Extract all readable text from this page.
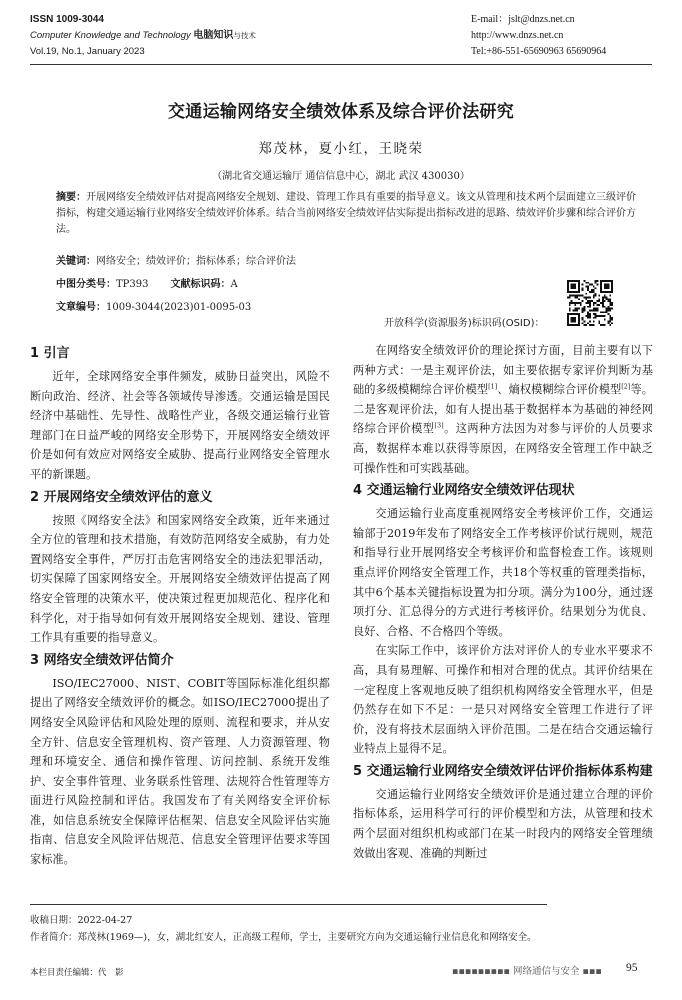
ISSN 1009-3044
Computer Knowledge and Technology 电脑知识与技术
Vol.19, No.1, January 2023
E-mail：jslt@dnzs.net.cn
http://www.dnzs.net.cn
Tel:+86-551-65690963 65690964
交通运输网络安全绩效体系及综合评价法研究
郑茂林，夏小红，王晓荣
（湖北省交通运输厅 通信信息中心，湖北 武汉 430030）
摘要：开展网络安全绩效评估对提高网络安全规划、建设、管理工作具有重要的指导意义。该文从管理和技术两个层面建立三级评价指标，构建交通运输行业网络安全绩效评价体系。结合当前网络安全绩效评估实际提出指标改进的思路、绩效评价步骤和综合评价方法。
关键词：网络安全；绩效评价；指标体系；综合评价法
中图分类号：TP393 文献标识码：A
文章编号：1009-3044(2023)01-0095-03
开放科学(资源服务)标识码(OSID)：
1 引言

近年，全球网络安全事件频发，威胁日益突出，风险不断向政治、经济、社会等各领域传导渗透。交通运输是国民经济中基础性、先导性、战略性产业，各级交通运输行业管理部门在日益严峻的网络安全形势下，开展网络安全绩效评价是如何有效应对网络安全威胁、提高行业网络安全管理水平的新课题。

2 开展网络安全绩效评估的意义

按照《网络安全法》和国家网络安全政策，近年来通过全方位的管理和技术措施，有效防范网络安全威胁，有力处置网络安全事件，严厉打击危害网络安全的违法犯罪活动，切实保障了国家网络安全。开展网络安全绩效评估提高了网络安全管理的决策水平，使决策过程更加规范化、程序化和科学化，对于指导如何有效开展网络安全规划、建设、管理工作具有重要的指导意义。

3 网络安全绩效评估简介

ISO/IEC27000、NIST、COBIT等国际标准化组织都提出了网络安全绩效评价的概念。如ISO/IEC27000提出了网络安全风险评估和风险处理的原则、流程和要求，并从安全方针、信息安全管理机构、资产管理、人力资源管理、物理和环境安全、通信和操作管理、访问控制、系统开发维护、安全事件管理、业务联系性管理、法规符合性管理等方面进行风险控制和评估。我国发布了有关网络安全评价标准，如信息系统安全保障评估框架、信息安全风险评估实施指南、信息安全风险评估规范、信息安全管理评估要求等国家标准。

在网络安全绩效评价的理论探讨方面，目前主要有以下两种方式：一是主观评价法，如主要依据专家评价判断为基础的多级模糊综合评价模型[1]、熵权模糊综合评价模型[2]等。二是客观评价法，如有人提出基于数据样本为基础的神经网络综合评价模型[3]。这两种方法因为对参与评价的人员要求高，数据样本难以获得等原因，在网络安全管理工作中缺乏可操作性和可实践基础。

4 交通运输行业网络安全绩效评估现状

交通运输行业高度重视网络安全考核评价工作，交通运输部于2019年发布了网络安全工作考核评价试行规则，规范和指导行业开展网络安全考核评价和监督检查工作。该规则重点评价网络安全管理工作，共18个等权重的管理类指标，其中6个基本关键指标设置为扣分项。满分为100分，通过逐项打分、汇总得分的方式进行考核评价。结果划分为优良、良好、合格、不合格四个等级。

在实际工作中，该评价方法对评价人的专业水平要求不高，具有易理解、可操作和相对合理的优点。其评价结果在一定程度上客观地反映了组织机构网络安全管理水平，但是仍然存在如下不足：一是只对网络安全管理工作进行了评价，没有将技术层面纳入评价范围。二是在结合交通运输行业特点上显得不足。

5 交通运输行业网络安全绩效评估评价指标体系构建

交通运输行业网络安全绩效评价是通过建立合理的评价指标体系，运用科学可行的评价模型和方法，从管理和技术两个层面对组织机构或部门在某一时段内的网络安全管理绩效做出客观、准确的判断过

收稿日期：2022-04-27
作者简介：郑茂林(1969—)，女，湖北红安人，正高级工程师，学士，主要研究方向为交通运输行业信息化和网络安全。
本栏目责任编辑：代　影	▪▪▪▪▪▪▪▪▪ 网络通信与安全 ▪▪▪ 95
